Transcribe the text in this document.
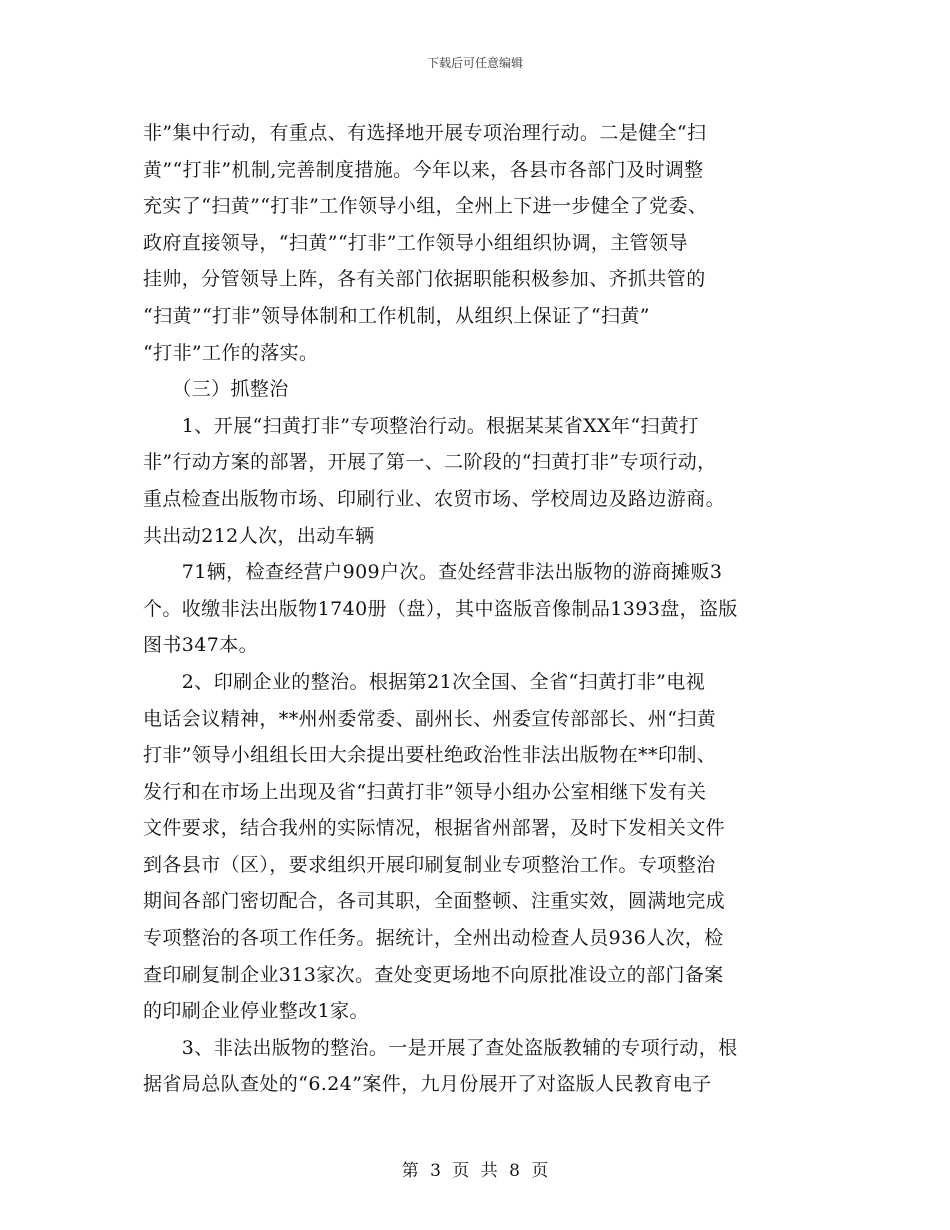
下载后可任意编辑
非”集中行动，有重点、有选择地开展专项治理行动。二是健全“扫
黄”“打非”机制,完善制度措施。今年以来，各县市各部门及时调整
充实了“扫黄”“打非”工作领导小组，全州上下进一步健全了党委、
政府直接领导，“扫黄”“打非”工作领导小组组织协调，主管领导
挂帅，分管领导上阵，各有关部门依据职能积极参加、齐抓共管的
“扫黄”“打非”领导体制和工作机制，从组织上保证了“扫黄”
“打非”工作的落实。
　　（三）抓整治
　　1、开展“扫黄打非”专项整治行动。根据某某省XX年“扫黄打
非”行动方案的部署，开展了第一、二阶段的“扫黄打非”专项行动，
重点检查出版物市场、印刷行业、农贸市场、学校周边及路边游商。
共出动212人次，出动车辆
　　71辆，检查经营户909户次。查处经营非法出版物的游商摊贩3
个。收缴非法出版物1740册（盘），其中盗版音像制品1393盘，盗版
图书347本。
　　2、印刷企业的整治。根据第21次全国、全省“扫黄打非”电视
电话会议精神，**州州委常委、副州长、州委宣传部部长、州“扫黄
打非”领导小组组长田大余提出要杜绝政治性非法出版物在**印制、
发行和在市场上出现及省“扫黄打非”领导小组办公室相继下发有关
文件要求，结合我州的实际情况，根据省州部署，及时下发相关文件
到各县市（区），要求组织开展印刷复制业专项整治工作。专项整治
期间各部门密切配合，各司其职，全面整顿、注重实效，圆满地完成
专项整治的各项工作任务。据统计，全州出动检查人员936人次，检
查印刷复制企业313家次。查处变更场地不向原批准设立的部门备案
的印刷企业停业整改1家。
　　3、非法出版物的整治。一是开展了查处盗版教辅的专项行动，根
据省局总队查处的“6.24”案件，九月份展开了对盗版人民教育电子
第 3 页 共 8 页
